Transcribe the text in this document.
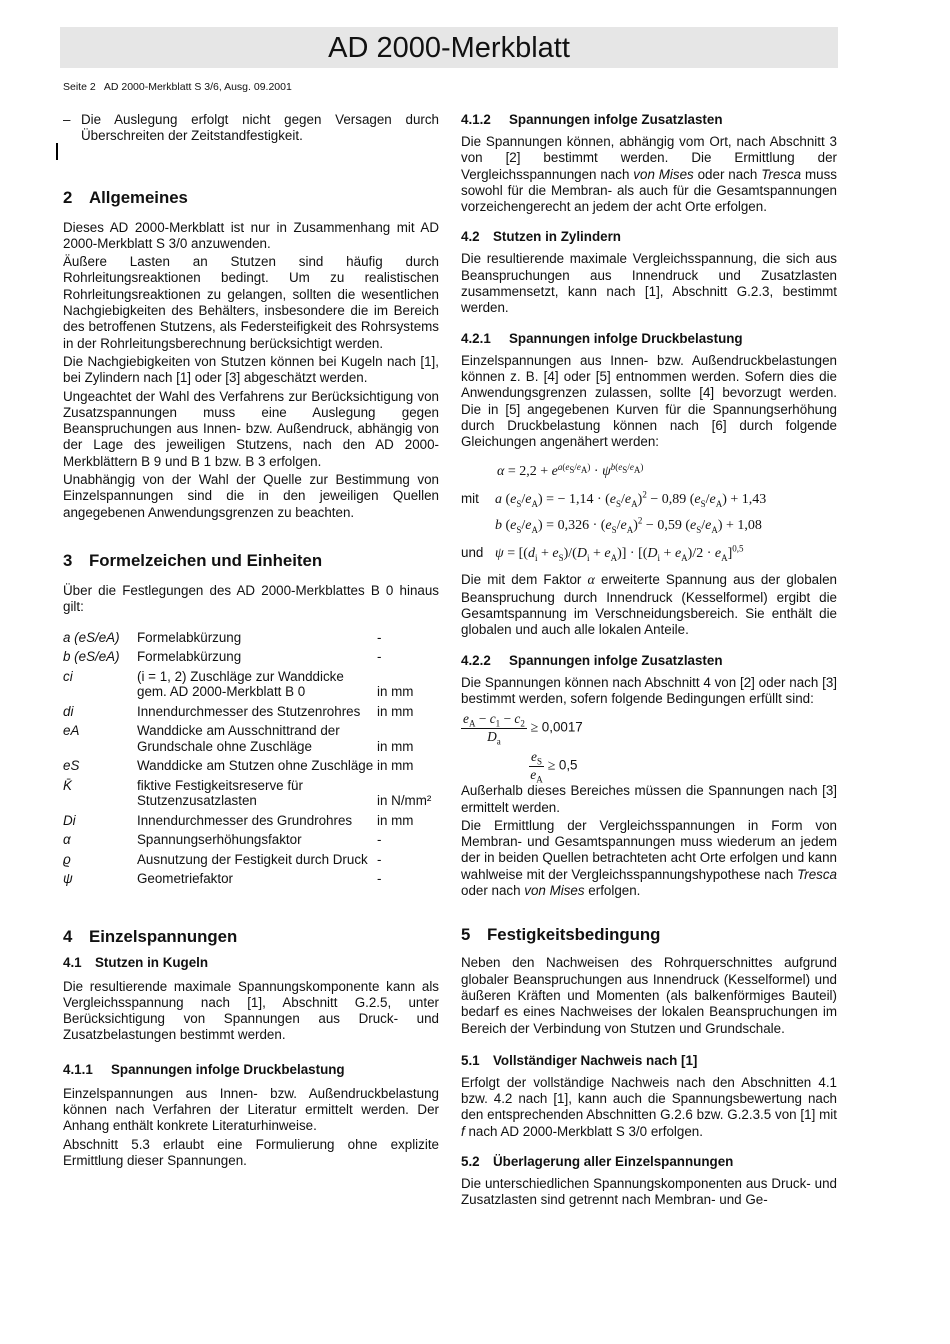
AD 2000-Merkblatt
Seite 2   AD 2000-Merkblatt S 3/6, Ausg. 09.2001
– Die Auslegung erfolgt nicht gegen Versagen durch Überschreiten der Zeitstandfestigkeit.

2 Allgemeines

Dieses AD 2000-Merkblatt ist nur in Zusammenhang mit AD 2000-Merkblatt S 3/0 anzuwenden.

Äußere Lasten an Stutzen sind häufig durch Rohrleitungsreaktionen bedingt. Um zu realistischen Rohrleitungsreaktionen zu gelangen, sollten die wesentlichen Nachgiebigkeiten des Behälters, insbesondere die im Bereich des betroffenen Stutzens, als Federsteifigkeit des Rohrsystems in der Rohrleitungsberechnung berücksichtigt werden.

Die Nachgiebigkeiten von Stutzen können bei Kugeln nach [1], bei Zylindern nach [1] oder [3] abgeschätzt werden.

Ungeachtet der Wahl des Verfahrens zur Berücksichtigung von Zusatzspannungen muss eine Auslegung gegen Beanspruchungen aus Innen- bzw. Außendruck, abhängig von der Lage des jeweiligen Stutzens, nach den AD 2000-Merkblättern B 9 und B 1 bzw. B 3 erfolgen.

Unabhängig von der Wahl der Quelle zur Bestimmung von Einzelspannungen sind die in den jeweiligen Quellen angegebenen Anwendungsgrenzen zu beachten.

3 Formelzeichen und Einheiten

Über die Festlegungen des AD 2000-Merkblattes B 0 hinaus gilt:

a (eS/eA)	Formelabkürzung	-
b (eS/eA)	Formelabkürzung	-
ci	(i = 1, 2) Zuschläge zur Wanddicke gem. AD 2000-Merkblatt B 0	in mm
di	Innendurchmesser des Stutzenrohres	in mm
eA	Wanddicke am Ausschnittrand der Grundschale ohne Zuschläge	in mm
eS	Wanddicke am Stutzen ohne Zuschläge	in mm
K̄	fiktive Festigkeitsreserve für Stutzenzusatzlasten	in N/mm²
Di	Innendurchmesser des Grundrohres	in mm
α	Spannungserhöhungsfaktor	-
ϱ	Ausnutzung der Festigkeit durch Druck	-
ψ	Geometriefaktor	-
4 Einzelspannungen
4.1 Stutzen in Kugeln

Die resultierende maximale Spannungskomponente kann als Vergleichsspannung nach [1], Abschnitt G.2.5, unter Berücksichtigung von Spannungen aus Druck- und Zusatzbelastungen bestimmt werden.

4.1.1 Spannungen infolge Druckbelastung

Einzelspannungen aus Innen- bzw. Außendruckbelastung können nach Verfahren der Literatur ermittelt werden. Der Anhang enthält konkrete Literaturhinweise.

Abschnitt 5.3 erlaubt eine Formulierung ohne explizite Ermittlung dieser Spannungen.

4.1.2 Spannungen infolge Zusatzlasten

Die Spannungen können, abhängig vom Ort, nach Abschnitt 3 von [2] bestimmt werden. Die Ermittlung der Vergleichsspannungen nach von Mises oder nach Tresca muss sowohl für die Membran- als auch für die Gesamtspannungen vorzeichengerecht an jedem der acht Orte erfolgen.

4.2 Stutzen in Zylindern

Die resultierende maximale Vergleichsspannung, die sich aus Beanspruchungen aus Innendruck und Zusatzlasten zusammensetzt, kann nach [1], Abschnitt G.2.3, bestimmt werden.

4.2.1 Spannungen infolge Druckbelastung

Einzelspannungen aus Innen- bzw. Außendruckbelastungen können z. B. [4] oder [5] entnommen werden. Sofern dies die Anwendungsgrenzen zulassen, sollte [4] bevorzugt werden. Die in [5] angegebenen Kurven für die Spannungserhöhung durch Druckbelastung können nach [6] durch folgende Gleichungen angenähert werden:

$\alpha = 2,2 + e^{a(e_S/e_A)} \cdot \psi^{b(e_S/e_A)}$
mit	a $(e_S/e_A)$ = − $1,14 \cdot (e_S/e_A)^2 - 0,89$ $(e_S/e_A) + 1,43$
b $(e_S/e_A) = 0,326 \cdot (e_S/e_A)^2 - 0,59$ $(e_S/e_A) + 1,08$
und $\psi = [(d_i + e_S)/(D_i + e_A)] \cdot [(D_i + e_A)/2 \cdot e_A]^{0,5}$

Die mit dem Faktor α erweiterte Spannung aus der globalen Beanspruchung durch Innendruck (Kesselformel) ergibt die Gesamtspannung im Verschneidungsbereich. Sie enthält die globalen und auch alle lokalen Anteile.

4.2.2 Spannungen infolge Zusatzlasten

Die Spannungen können nach Abschnitt 4 von [2] oder nach [3] bestimmt werden, sofern folgende Bedingungen erfüllt sind:

$\frac{e_A - c_1 - c_2}{D_a} \ge 0,0017$
$\frac{e_S}{e_A} \ge 0,5$

Außerhalb dieses Bereiches müssen die Spannungen nach [3] ermittelt werden.

Die Ermittlung der Vergleichsspannungen in Form von Membran- und Gesamtspannungen muss wiederum an jedem der in beiden Quellen betrachteten acht Orte erfolgen und kann wahlweise mit der Vergleichsspannungshypothese nach Tresca oder nach von Mises erfolgen.

5 Festigkeitsbedingung

Neben den Nachweisen des Rohrquerschnittes aufgrund globaler Beanspruchungen aus Innendruck (Kesselformel) und äußeren Kräften und Momenten (als balkenförmiges Bauteil) bedarf es eines Nachweises der lokalen Beanspruchungen im Bereich der Verbindung von Stutzen und Grundschale.

5.1 Vollständiger Nachweis nach [1]

Erfolgt der vollständige Nachweis nach den Abschnitten 4.1 bzw. 4.2 nach [1], kann auch die Spannungsbewertung nach den entsprechenden Abschnitten G.2.6 bzw. G.2.3.5 von [1] mit f nach AD 2000-Merkblatt S 3/0 erfolgen.

5.2 Überlagerung aller Einzelspannungen

Die unterschiedlichen Spannungskomponenten aus Druck- und Zusatzlasten sind getrennt nach Membran- und Ge-
